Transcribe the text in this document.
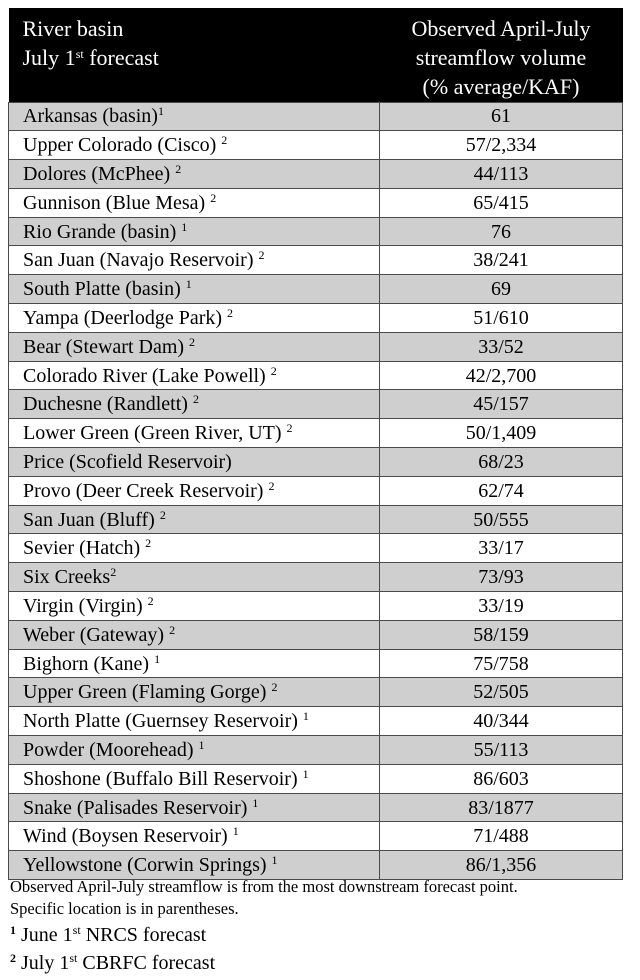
River basin
July 1st forecast	Observed April-July
streamflow volume
(% average/KAF)
Arkansas $(basin)^1$	61
Upper Colorado (Cisco) $^2$	57/2,334
Dolores (McPhee) $^2$	44/113
Gunnison (Blue Mesa) $^2$	65/415
Rio Grande (basin) $^1$	76
San Juan (Navajo Reservoir) $^2$	38/241
South Platte (basin) $^1$	69
Yampa (Deerlodge Park) $^2$	51/610
Bear (Stewart Dam) $^2$	33/52
Colorado River (Lake Powell) $^2$	42/2,700
Duchesne (Randlett) $^2$	45/157
Lower Green (Green River, UT) $^2$	50/1,409
Price (Scofield Reservoir)	68/23
Provo (Deer Creek Reservoir) $^2$	62/74
San Juan (Bluff) $^2$	50/555
Sevier (Hatch) $^2$	33/17
Six Creeks$^2$	73/93
Virgin (Virgin) $^2$	33/19
Weber (Gateway) $^2$	58/159
Bighorn (Kane) $^1$	75/758
Upper Green (Flaming Gorge) $^2$	52/505
North Platte (Guernsey Reservoir) $^1$	40/344
Powder (Moorehead) $^1$	55/113
Shoshone (Buffalo Bill Reservoir) $^1$	86/603
Snake (Palisades Reservoir) $^1$	83/1877
Wind (Boysen Reservoir) $^1$	71/488
Yellowstone (Corwin Springs) $^1$	86/1,356
Observed April-July streamflow is from the most downstream forecast point.
Specific location is in parentheses.
$^1$ June 1st NRCS forecast
$^2$ July 1st CBRFC forecast
